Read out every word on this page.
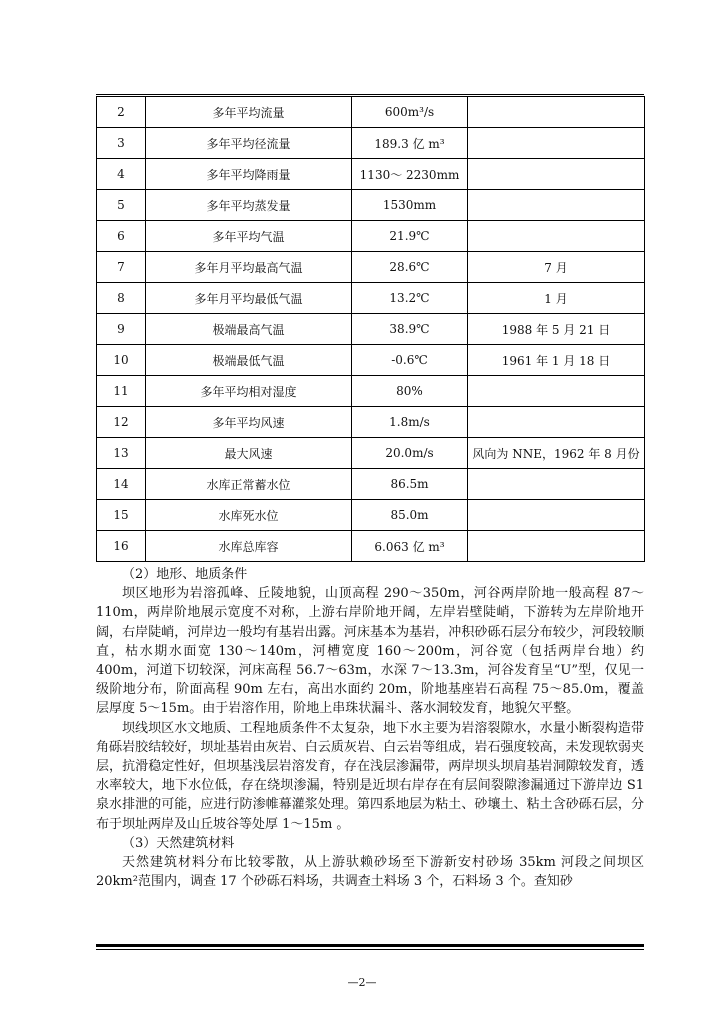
2	多年平均流量	600m³/s	
3	多年平均径流量	189.3 亿 m³	
4	多年平均降雨量	1130～ 2230mm	
5	多年平均蒸发量	1530mm	
6	多年平均气温	21.9℃	
7	多年月平均最高气温	28.6℃	7 月
8	多年月平均最低气温	13.2℃	1 月
9	极端最高气温	38.9℃	1988 年 5 月 21 日
10	极端最低气温	-0.6℃	1961 年 1 月 18 日
11	多年平均相对湿度	80%	
12	多年平均风速	1.8m/s	
13	最大风速	20.0m/s	风向为 NNE，1962 年 8 月份
14	水库正常蓄水位	86.5m	
15	水库死水位	85.0m	
16	水库总库容	6.063 亿 m³	

（2）地形、地质条件

坝区地形为岩溶孤峰、丘陵地貌，山顶高程 290～350m，河谷两岸阶地一般高程 87～110m，两岸阶地展示宽度不对称，上游右岸阶地开阔，左岸岩壁陡峭，下游转为左岸阶地开阔，右岸陡峭，河岸边一般均有基岩出露。河床基本为基岩，冲积砂砾石层分布较少，河段较顺直，枯水期水面宽 130～140m，河槽宽度 160～200m，河谷宽（包括两岸台地）约 400m，河道下切较深，河床高程 56.7～63m，水深 7～13.3m，河谷发育呈“U”型，仅见一级阶地分布，阶面高程 90m 左右，高出水面约 20m，阶地基座岩石高程 75～85.0m，覆盖层厚度 5～15m。由于岩溶作用，阶地上串珠状漏斗、落水洞较发育，地貌欠平整。

坝线坝区水文地质、工程地质条件不太复杂，地下水主要为岩溶裂隙水，水量小断裂构造带角砾岩胶结较好，坝址基岩由灰岩、白云质灰岩、白云岩等组成，岩石强度较高，未发现软弱夹层，抗滑稳定性好，但坝基浅层岩溶发育，存在浅层渗漏带，两岸坝头坝肩基岩洞隙较发育，透水率较大，地下水位低，存在绕坝渗漏，特别是近坝右岸存在有层间裂隙渗漏通过下游岸边 S1 泉水排泄的可能，应进行防渗帷幕灌浆处理。第四系地层为粘土、砂壤土、粘土含砂砾石层，分布于坝址两岸及山丘坡谷等处厚 1～15m 。

（3）天然建筑材料

天然建筑材料分布比较零散，从上游驮赖砂场至下游新安村砂场 35km 河段之间坝区 20km²范围内，调查 17 个砂砾石料场，共调查土料场 3 个，石料场 3 个。查知砂

—2—
